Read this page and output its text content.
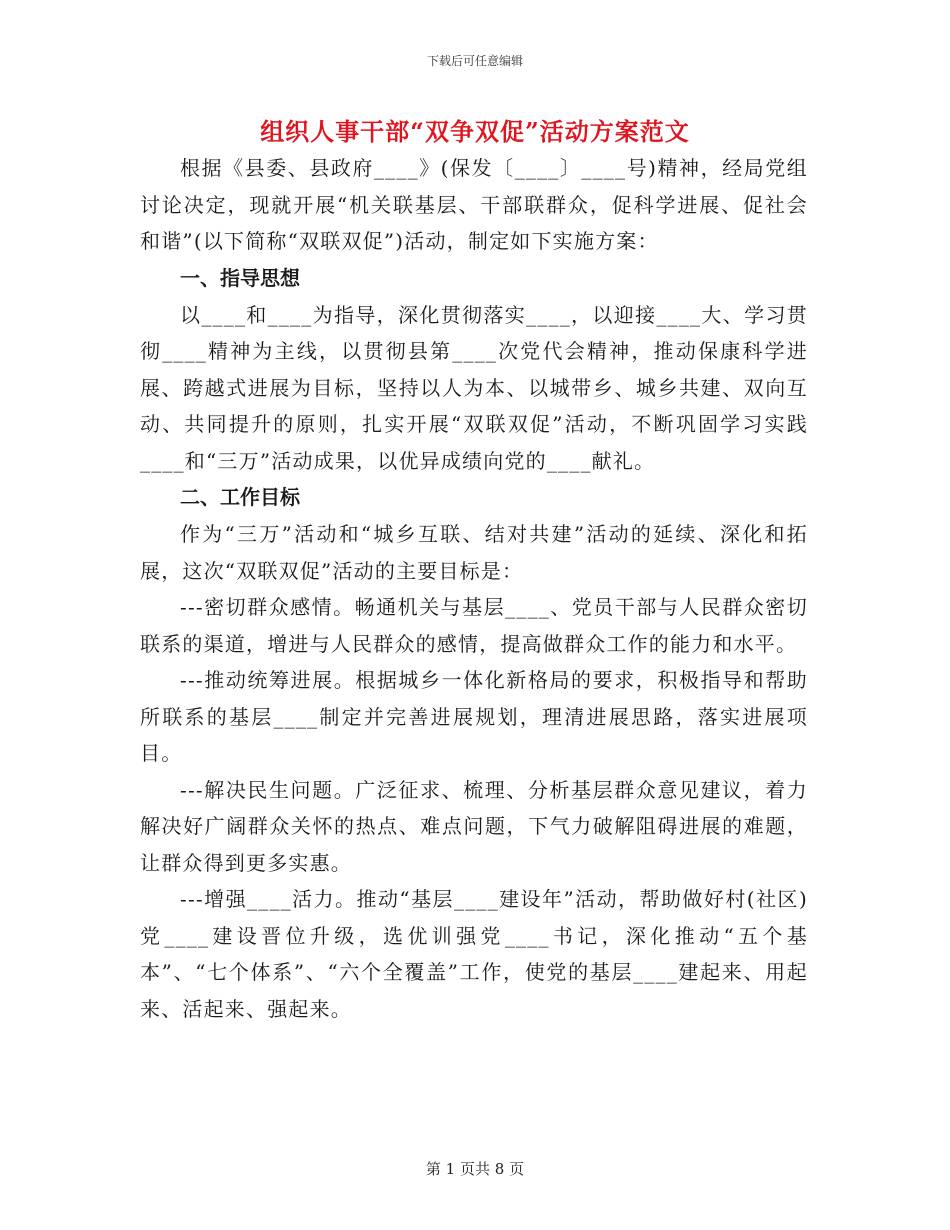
下载后可任意编辑
组织人事干部“双争双促”活动方案范文

根据《县委、县政府____》(保发〔____〕____号)精神，经局党组讨论决定，现就开展“机关联基层、干部联群众，促科学进展、促社会和谐”(以下简称“双联双促”)活动，制定如下实施方案：

一、指导思想

以____和____为指导，深化贯彻落实____，以迎接____大、学习贯彻____精神为主线，以贯彻县第____次党代会精神，推动保康科学进展、跨越式进展为目标，坚持以人为本、以城带乡、城乡共建、双向互动、共同提升的原则，扎实开展“双联双促”活动，不断巩固学习实践____和“三万”活动成果，以优异成绩向党的____献礼。

二、工作目标

作为“三万”活动和“城乡互联、结对共建”活动的延续、深化和拓展，这次“双联双促”活动的主要目标是：

---密切群众感情。畅通机关与基层____、党员干部与人民群众密切联系的渠道，增进与人民群众的感情，提高做群众工作的能力和水平。

---推动统筹进展。根据城乡一体化新格局的要求，积极指导和帮助所联系的基层____制定并完善进展规划，理清进展思路，落实进展项目。

---解决民生问题。广泛征求、梳理、分析基层群众意见建议，着力解决好广阔群众关怀的热点、难点问题，下气力破解阻碍进展的难题，让群众得到更多实惠。

---增强____活力。推动“基层____建设年”活动，帮助做好村(社区)党____建设晋位升级，选优训强党____书记，深化推动“五个基本”、“七个体系”、“六个全覆盖”工作，使党的基层____建起来、用起来、活起来、强起来。

第 1 页共 8 页
